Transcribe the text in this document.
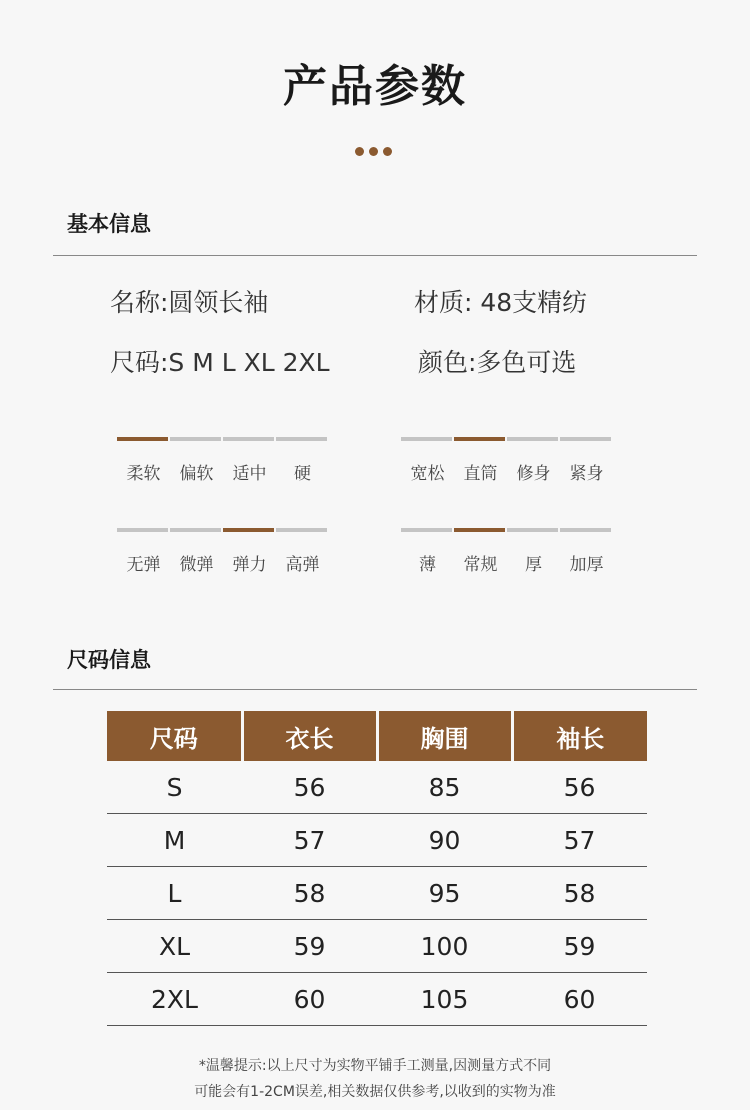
产品参数
基本信息
名称:圆领长袖	材质: 48支精纺
尺码:S M L XL 2XL	颜色:多色可选
柔软	偏软	适中	硬	宽松	直筒	修身	紧身
无弹	微弹	弹力	高弹	薄	常规	厚	加厚
尺码信息
尺码	衣长	胸围	袖长
S	56	85	56
M	57	90	57
L	58	95	58
XL	59	100	59
2XL	60	105	60
*温馨提示:以上尺寸为实物平铺手工测量,因测量方式不同
可能会有1-2CM误差,相关数据仅供参考,以收到的实物为准
